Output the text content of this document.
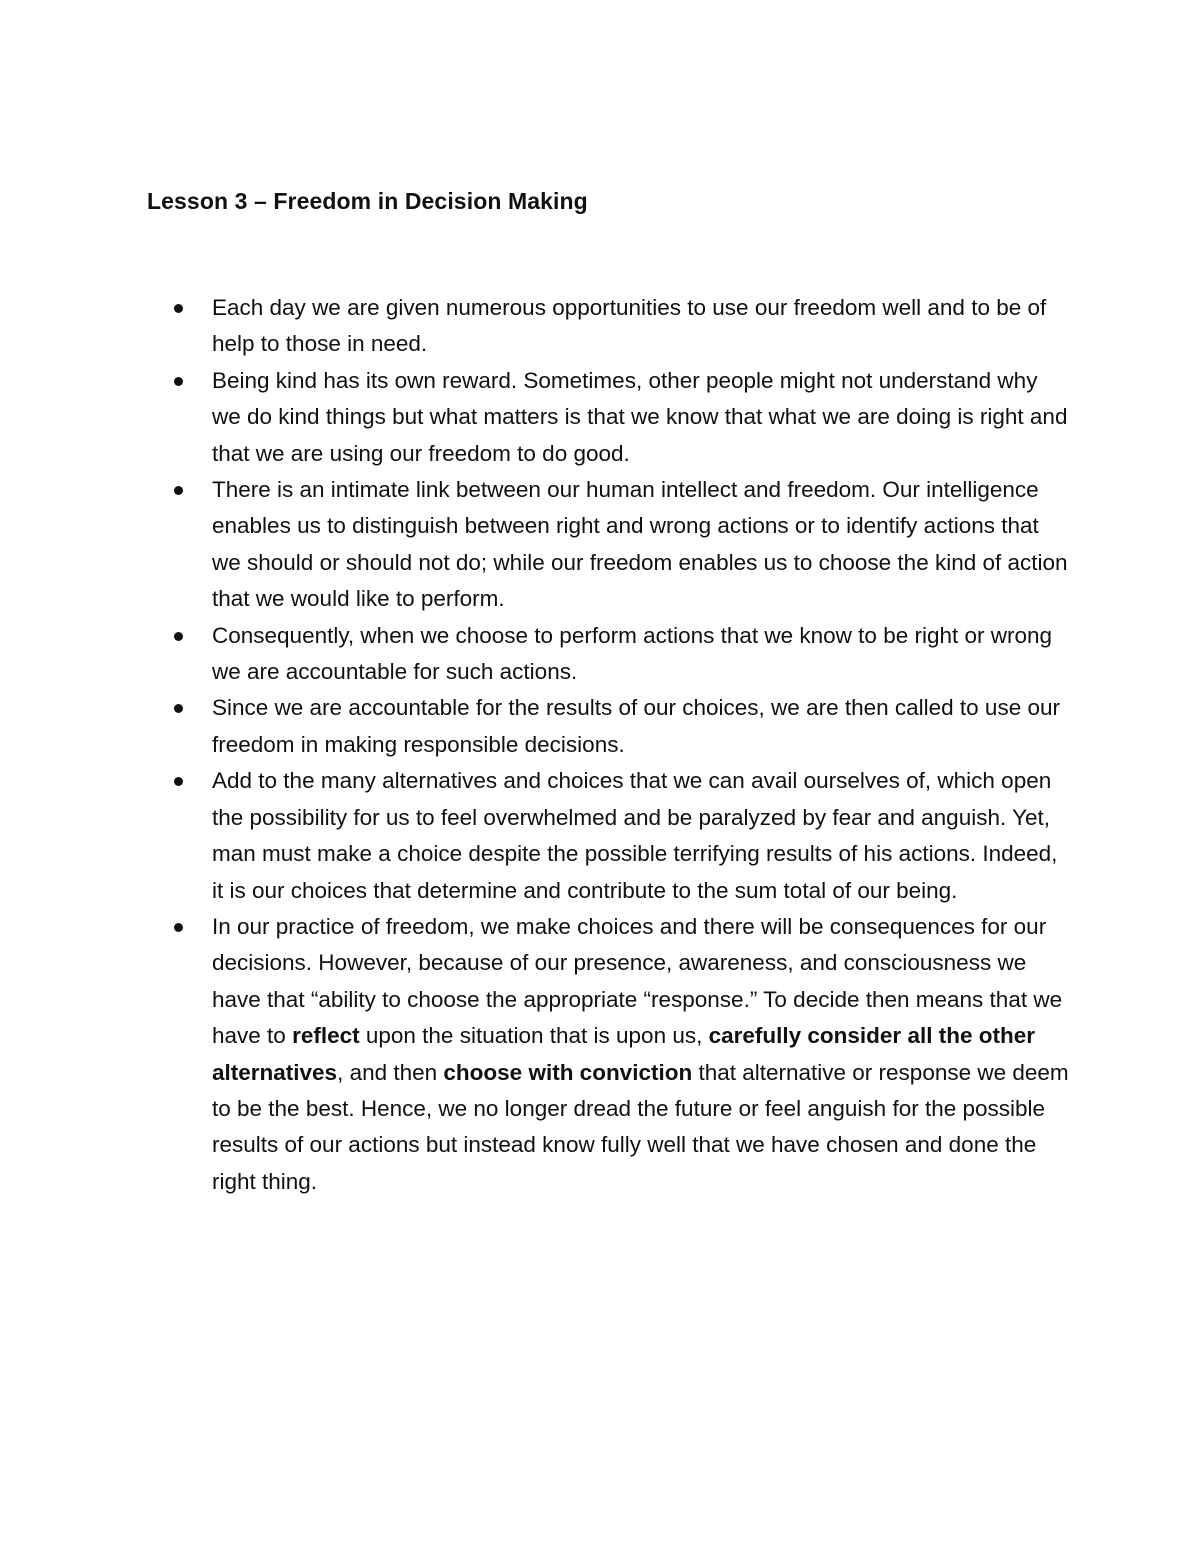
Lesson 3 – Freedom in Decision Making
Each day we are given numerous opportunities to use our freedom well and to be of help to those in need.
Being kind has its own reward. Sometimes, other people might not understand why we do kind things but what matters is that we know that what we are doing is right and that we are using our freedom to do good.
There is an intimate link between our human intellect and freedom. Our intelligence enables us to distinguish between right and wrong actions or to identify actions that we should or should not do; while our freedom enables us to choose the kind of action that we would like to perform.
Consequently, when we choose to perform actions that we know to be right or wrong we are accountable for such actions.
Since we are accountable for the results of our choices, we are then called to use our freedom in making responsible decisions.
Add to the many alternatives and choices that we can avail ourselves of, which open the possibility for us to feel overwhelmed and be paralyzed by fear and anguish. Yet, man must make a choice despite the possible terrifying results of his actions. Indeed, it is our choices that determine and contribute to the sum total of our being.
In our practice of freedom, we make choices and there will be consequences for our decisions. However, because of our presence, awareness, and consciousness we have that “ability to choose the appropriate “response.” To decide then means that we have to reflect upon the situation that is upon us, carefully consider all the other alternatives, and then choose with conviction that alternative or response we deem to be the best. Hence, we no longer dread the future or feel anguish for the possible results of our actions but instead know fully well that we have chosen and done the right thing.
